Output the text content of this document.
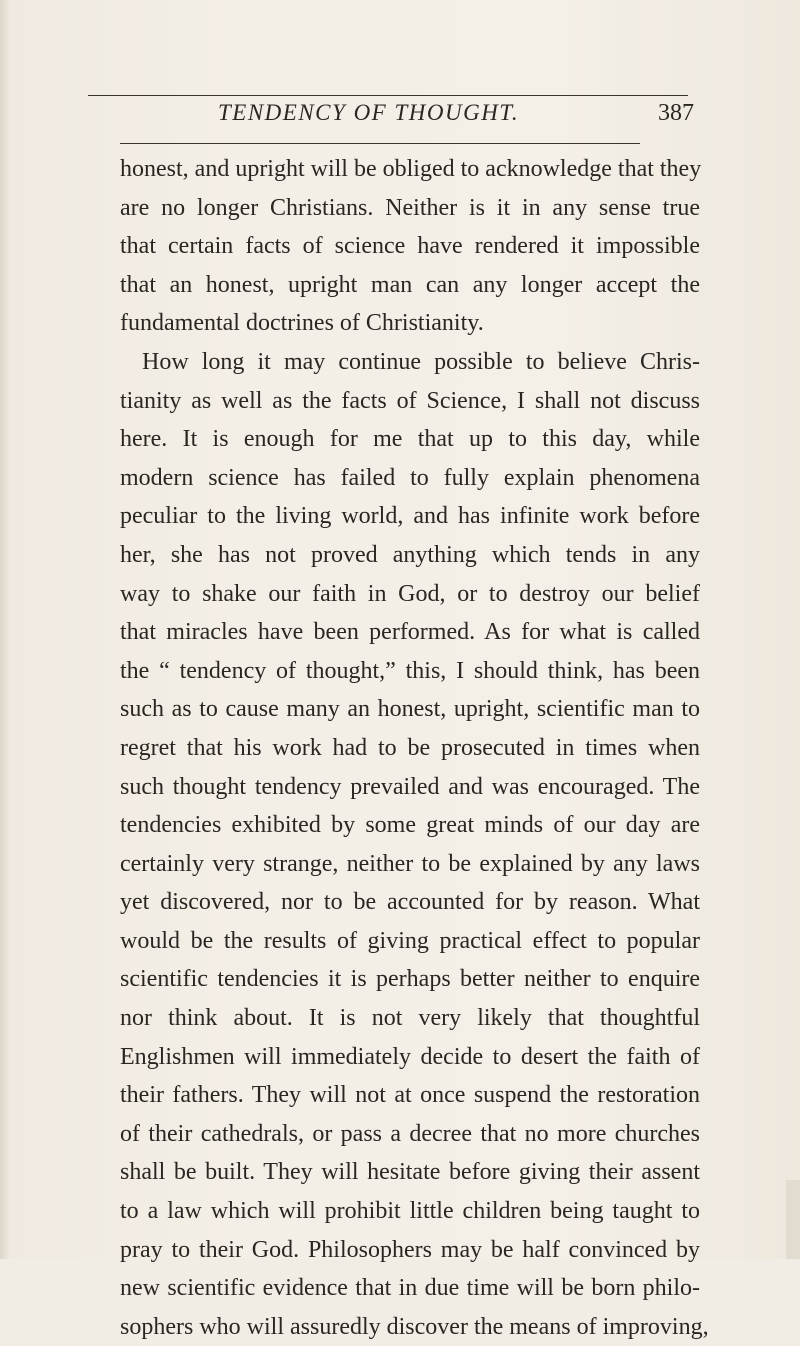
TENDENCY OF THOUGHT.	387
honest, and upright will be obliged to acknowledge that they
are no longer Christians. Neither is it in any sense true
that certain facts of science have rendered it impossible
that an honest, upright man can any longer accept the
fundamental doctrines of Christianity.
How long it may continue possible to believe Chris-
tianity as well as the facts of Science, I shall not discuss
here. It is enough for me that up to this day, while
modern science has failed to fully explain phenomena
peculiar to the living world, and has infinite work before
her, she has not proved anything which tends in any
way to shake our faith in God, or to destroy our belief
that miracles have been performed. As for what is called
the “ tendency of thought,” this, I should think, has been
such as to cause many an honest, upright, scientific man to
regret that his work had to be prosecuted in times when
such thought tendency prevailed and was encouraged. The
tendencies exhibited by some great minds of our day are
certainly very strange, neither to be explained by any laws
yet discovered, nor to be accounted for by reason. What
would be the results of giving practical effect to popular
scientific tendencies it is perhaps better neither to enquire
nor think about. It is not very likely that thoughtful
Englishmen will immediately decide to desert the faith of
their fathers. They will not at once suspend the restoration
of their cathedrals, or pass a decree that no more churches
shall be built. They will hesitate before giving their assent
to a law which will prohibit little children being taught to
pray to their God. Philosophers may be half convinced by
new scientific evidence that in due time will be born philo-
sophers who will assuredly discover the means of improving,
